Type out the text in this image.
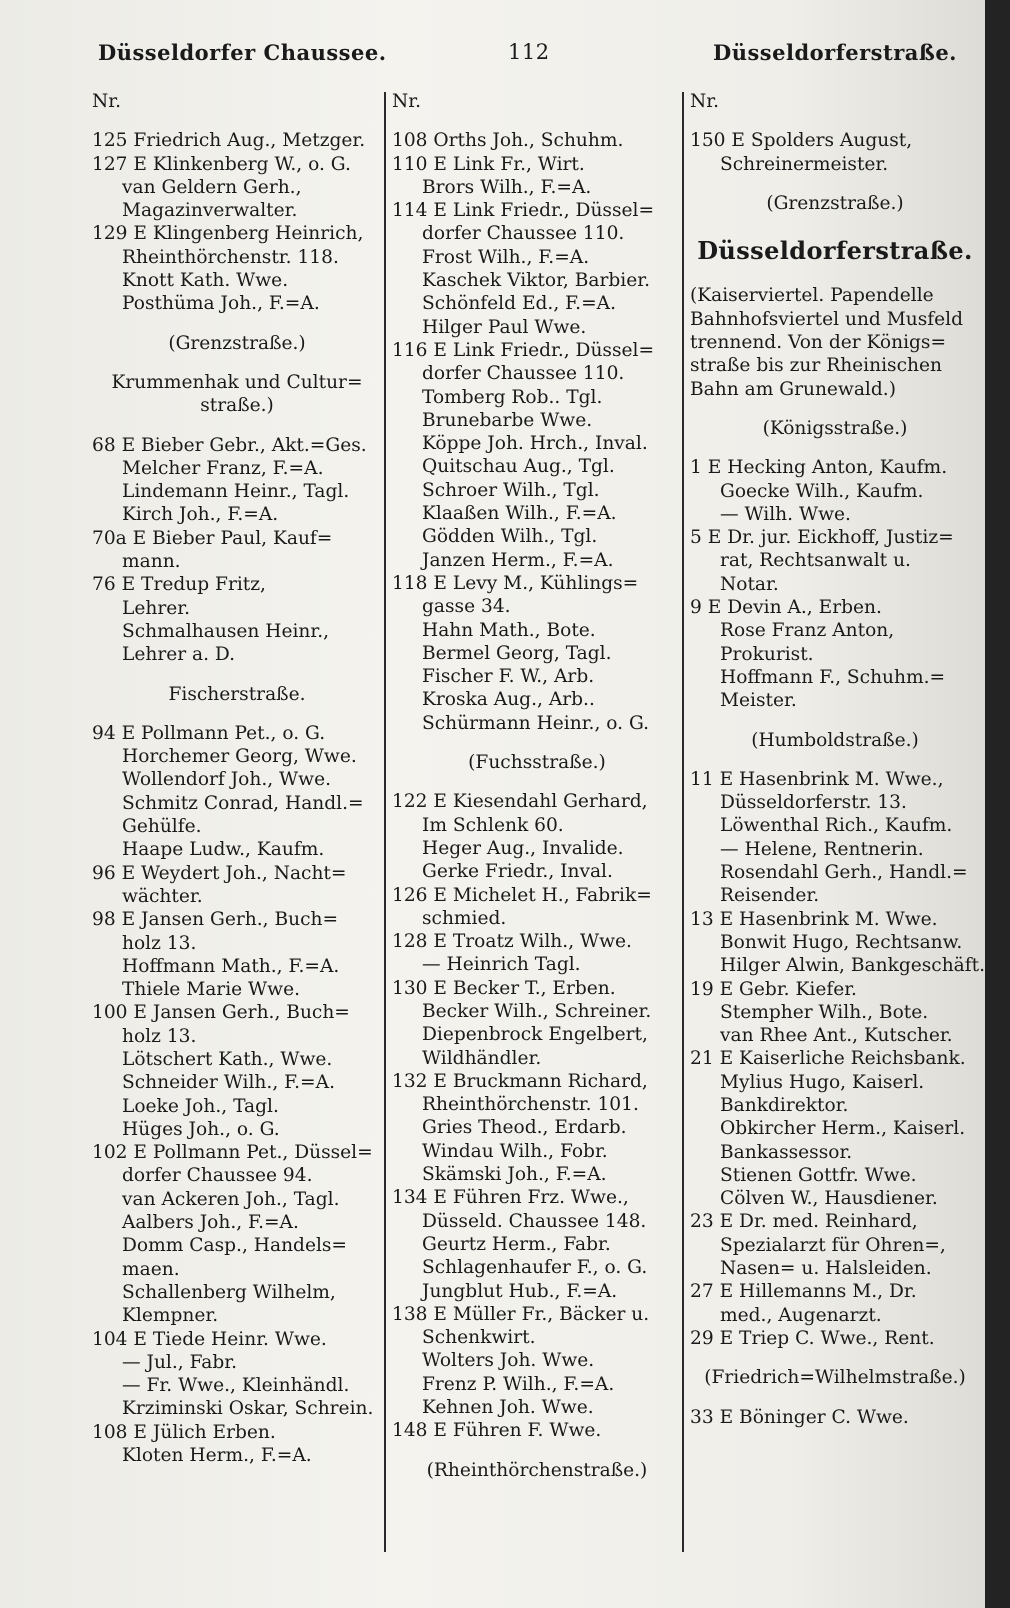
Düsseldorfer Chaussee.	112	Düsseldorferstraße.
Nr.
125 Friedrich Aug., Metzger.
127 E Klinkenberg W., o. G.
van Geldern Gerh.,
Magazinverwalter.
129 E Klingenberg Heinrich,
Rheinthörchenstr. 118.
Knott Kath. Wwe.
Posthüma Joh., F.=A.
(Grenzstraße.)
Krummenhak und Cultur=
straße.)
68 E Bieber Gebr., Akt.=Ges.
Melcher Franz, F.=A.
Lindemann Heinr., Tagl.
Kirch Joh., F.=A.
70a E Bieber Paul, Kauf=
mann.
76 E Tredup Fritz,
Lehrer.
Schmalhausen Heinr.,
Lehrer a. D.
Fischerstraße.
94 E Pollmann Pet., o. G.
Horchemer Georg, Wwe.
Wollendorf Joh., Wwe.
Schmitz Conrad, Handl.=
Gehülfe.
Haape Ludw., Kaufm.
96 E Weydert Joh., Nacht=
wächter.
98 E Jansen Gerh., Buch=
holz 13.
Hoffmann Math., F.=A.
Thiele Marie Wwe.
100 E Jansen Gerh., Buch=
holz 13.
Lötschert Kath., Wwe.
Schneider Wilh., F.=A.
Loeke Joh., Tagl.
Hüges Joh., o. G.
102 E Pollmann Pet., Düssel=
dorfer Chaussee 94.
van Ackeren Joh., Tagl.
Aalbers Joh., F.=A.
Domm Casp., Handels=
maen.
Schallenberg Wilhelm,
Klempner.
104 E Tiede Heinr. Wwe.
— Jul., Fabr.
— Fr. Wwe., Kleinhändl.
Krziminski Oskar, Schrein.
108 E Jülich Erben.
Kloten Herm., F.=A.
Nr.
108 Orths Joh., Schuhm.
110 E Link Fr., Wirt.
Brors Wilh., F.=A.
114 E Link Friedr., Düssel=
dorfer Chaussee 110.
Frost Wilh., F.=A.
Kaschek Viktor, Barbier.
Schönfeld Ed., F.=A.
Hilger Paul Wwe.
116 E Link Friedr., Düssel=
dorfer Chaussee 110.
Tomberg Rob.. Tgl.
Brunebarbe Wwe.
Köppe Joh. Hrch., Inval.
Quitschau Aug., Tgl.
Schroer Wilh., Tgl.
Klaaßen Wilh., F.=A.
Gödden Wilh., Tgl.
Janzen Herm., F.=A.
118 E Levy M., Kühlings=
gasse 34.
Hahn Math., Bote.
Bermel Georg, Tagl.
Fischer F. W., Arb.
Kroska Aug., Arb..
Schürmann Heinr., o. G.
(Fuchsstraße.)
122 E Kiesendahl Gerhard,
Im Schlenk 60.
Heger Aug., Invalide.
Gerke Friedr., Inval.
126 E Michelet H., Fabrik=
schmied.
128 E Troatz Wilh., Wwe.
— Heinrich Tagl.
130 E Becker T., Erben.
Becker Wilh., Schreiner.
Diepenbrock Engelbert,
Wildhändler.
132 E Bruckmann Richard,
Rheinthörchenstr. 101.
Gries Theod., Erdarb.
Windau Wilh., Fobr.
Skämski Joh., F.=A.
134 E Führen Frz. Wwe.,
Düsseld. Chaussee 148.
Geurtz Herm., Fabr.
Schlagenhaufer F., o. G.
Jungblut Hub., F.=A.
138 E Müller Fr., Bäcker u.
Schenkwirt.
Wolters Joh. Wwe.
Frenz P. Wilh., F.=A.
Kehnen Joh. Wwe.
148 E Führen F. Wwe.
(Rheinthörchenstraße.)
Nr.
150 E Spolders August,
Schreinermeister.
(Grenzstraße.)
Düsseldorferstraße.
(Kaiserviertel. Papendelle
Bahnhofsviertel und Musfeld
trennend. Von der Königs=
straße bis zur Rheinischen
Bahn am Grunewald.)
(Königsstraße.)
1 E Hecking Anton, Kaufm.
Goecke Wilh., Kaufm.
— Wilh. Wwe.
5 E Dr. jur. Eickhoff, Justiz=
rat, Rechtsanwalt u.
Notar.
9 E Devin A., Erben.
Rose Franz Anton,
Prokurist.
Hoffmann F., Schuhm.=
Meister.
(Humboldstraße.)
11 E Hasenbrink M. Wwe.,
Düsseldorferstr. 13.
Löwenthal Rich., Kaufm.
— Helene, Rentnerin.
Rosendahl Gerh., Handl.=
Reisender.
13 E Hasenbrink M. Wwe.
Bonwit Hugo, Rechtsanw.
Hilger Alwin, Bankgeschäft.
19 E Gebr. Kiefer.
Stempher Wilh., Bote.
van Rhee Ant., Kutscher.
21 E Kaiserliche Reichsbank.
Mylius Hugo, Kaiserl.
Bankdirektor.
Obkircher Herm., Kaiserl.
Bankassessor.
Stienen Gottfr. Wwe.
Cölven W., Hausdiener.
23 E Dr. med. Reinhard,
Spezialarzt für Ohren=,
Nasen= u. Halsleiden.
27 E Hillemanns M., Dr.
med., Augenarzt.
29 E Triep C. Wwe., Rent.
(Friedrich=Wilhelmstraße.)
33 E Böninger C. Wwe.
